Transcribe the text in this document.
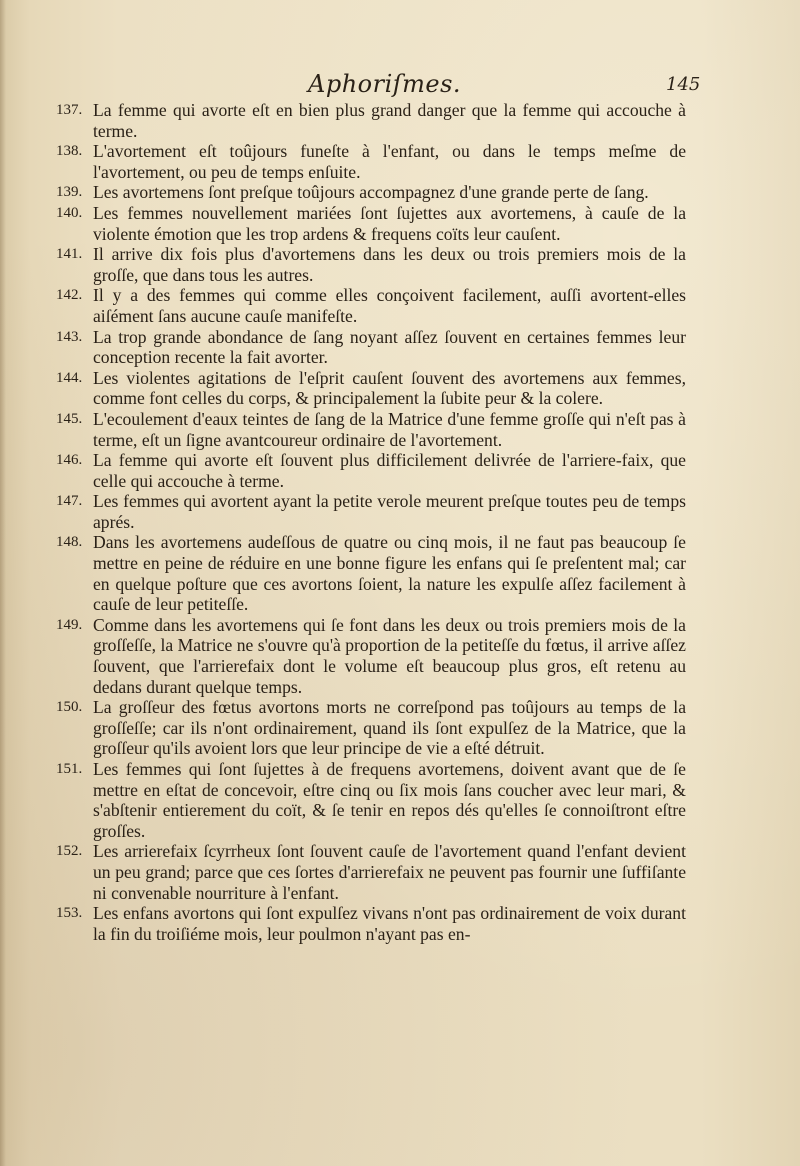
Aphoriſmes.	145

137. La femme qui avorte eſt en bien plus grand danger que la femme qui accouche à terme.

138. L'avortement eſt toûjours funeſte à l'enfant, ou dans le temps meſme de l'avortement, ou peu de temps enſuite.

139. Les avortemens ſont preſque toûjours accompagnez d'une grande perte de ſang.

140. Les femmes nouvellement mariées ſont ſujettes aux avortemens, à cauſe de la violente émotion que les trop ardens & frequens coïts leur cauſent.

141. Il arrive dix fois plus d'avortemens dans les deux ou trois premiers mois de la groſſe, que dans tous les autres.

142. Il y a des femmes qui comme elles conçoivent facilement, auſſi avortent-elles aiſément ſans aucune cauſe manifeſte.

143. La trop grande abondance de ſang noyant aſſez ſouvent en certaines femmes leur conception recente la fait avorter.

144. Les violentes agitations de l'eſprit cauſent ſouvent des avortemens aux femmes, comme font celles du corps, & principalement la ſubite peur & la colere.

145. L'ecoulement d'eaux teintes de ſang de la Matrice d'une femme groſſe qui n'eſt pas à terme, eſt un ſigne avantcoureur ordinaire de l'avortement.

146. La femme qui avorte eſt ſouvent plus difficilement delivrée de l'arriere-faix, que celle qui accouche à terme.

147. Les femmes qui avortent ayant la petite verole meurent preſque toutes peu de temps aprés.

148. Dans les avortemens audeſſous de quatre ou cinq mois, il ne faut pas beaucoup ſe mettre en peine de réduire en une bonne figure les enfans qui ſe preſentent mal; car en quelque poſture que ces avortons ſoient, la nature les expulſe aſſez facilement à cauſe de leur petiteſſe.

149. Comme dans les avortemens qui ſe font dans les deux ou trois premiers mois de la groſſeſſe, la Matrice ne s'ouvre qu'à proportion de la petiteſſe du fœtus, il arrive aſſez ſouvent, que l'arrierefaix dont le volume eſt beaucoup plus gros, eſt retenu au dedans durant quelque temps.

150. La groſſeur des fœtus avortons morts ne correſpond pas toûjours au temps de la groſſeſſe; car ils n'ont ordinairement, quand ils ſont expulſez de la Matrice, que la groſſeur qu'ils avoient lors que leur principe de vie a eſté détruit.

151. Les femmes qui ſont ſujettes à de frequens avortemens, doivent avant que de ſe mettre en eſtat de concevoir, eſtre cinq ou ſix mois ſans coucher avec leur mari, & s'abſtenir entierement du coït, & ſe tenir en repos dés qu'elles ſe connoiſtront eſtre groſſes.

152. Les arrierefaix ſcyrrheux ſont ſouvent cauſe de l'avortement quand l'enfant devient un peu grand; parce que ces ſortes d'arrierefaix ne peuvent pas fournir une ſuffiſante ni convenable nourriture à l'enfant.

153. Les enfans avortons qui ſont expulſez vivans n'ont pas ordinairement de voix durant la fin du troiſiéme mois, leur poulmon n'ayant pas en-
